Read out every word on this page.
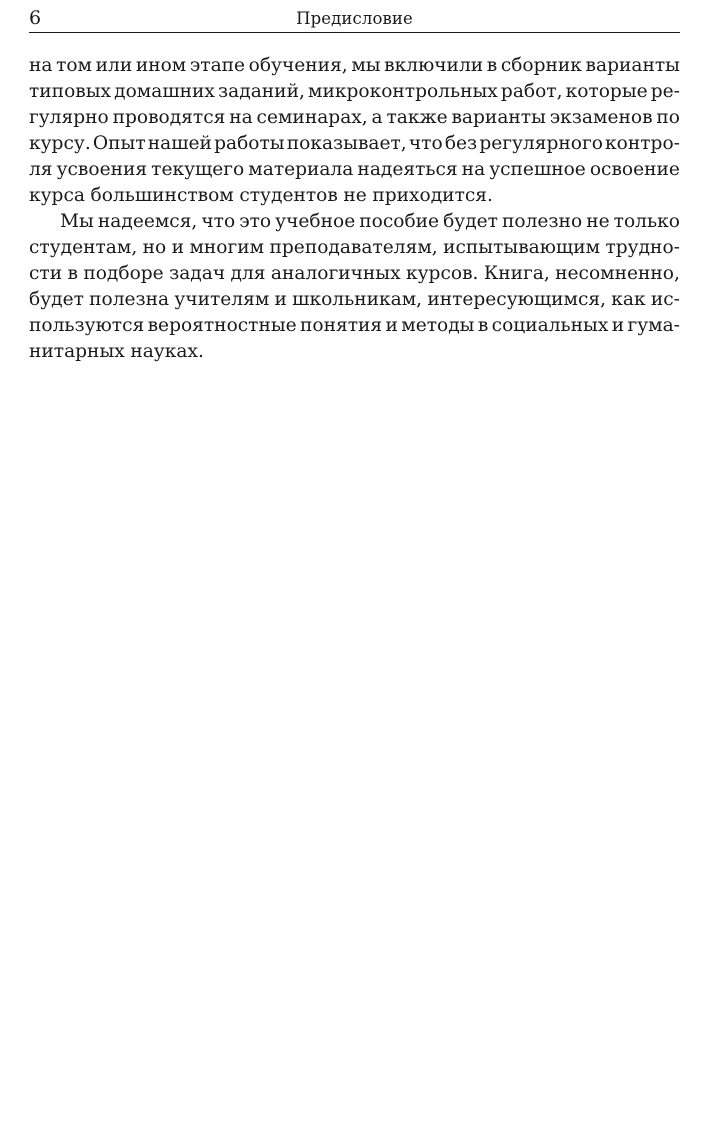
6	Предисловие
на том или ином этапе обучения, мы включили в сборник варианты
типовых домашних заданий, микроконтрольных работ, которые ре-
гулярно проводятся на семинарах, а также варианты экзаменов по
курсу. Опыт нашей работы показывает, что без регулярного контро-
ля усвоения текущего материала надеяться на успешное освоение
курса большинством студентов не приходится.
Мы надеемся, что это учебное пособие будет полезно не только
студентам, но и многим преподавателям, испытывающим трудно-
сти в подборе задач для аналогичных курсов. Книга, несомненно,
будет полезна учителям и школьникам, интересующимся, как ис-
пользуются вероятностные понятия и методы в социальных и гума-
нитарных науках.
